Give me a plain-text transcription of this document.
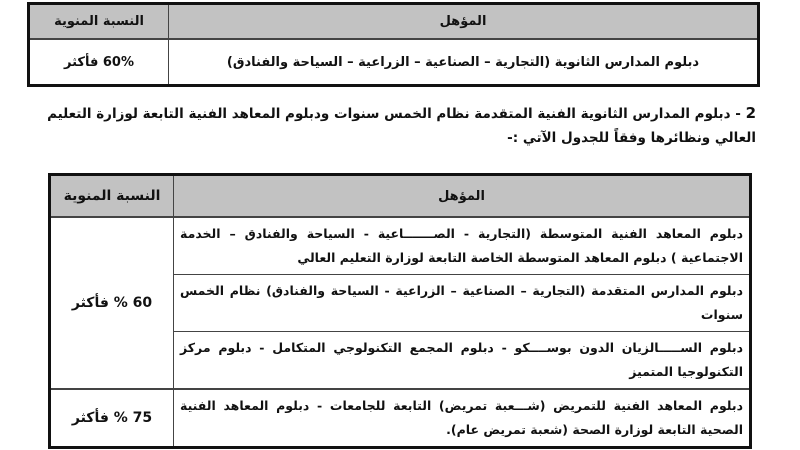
المؤهل	النسبة المنوية
دبلوم المدارس الثانوية (التجارية – الصناعية – الزراعية – السياحة والفنادق)	60% فأكثر
2 - دبلوم المدارس الثانوية الفنية المتقدمة نظام الخمس سنوات ودبلوم المعاهد الفنية التابعة لوزارة التعليم العالي ونظائرها وفقاً للجدول الآتي :-
المؤهل	النسبة المنوية
دبلوم المعاهد الفنية المتوسطة (التجارية - الصـــــــاعية - السياحة والفنادق – الخدمة الاجتماعية ) دبلوم المعاهد المتوسطة الخاصة التابعة لوزارة التعليم العالي	60 % فأكثر
دبلوم المدارس المتقدمة (التجارية – الصناعية – الزراعية - السياحة والفنادق) نظام الخمس سنوات	
دبلوم الســـــالزيان الدون بوســــكو - دبلوم المجمع التكنولوجي المتكامل - دبلوم مركز التكنولوجيا المتميز	
دبلوم المعاهد الفنية للتمريض (شـــعبة تمريض) التابعة للجامعات - دبلوم المعاهد الفنية الصحية التابعة لوزارة الصحة (شعبة تمريض عام).	75 % فأكثر
